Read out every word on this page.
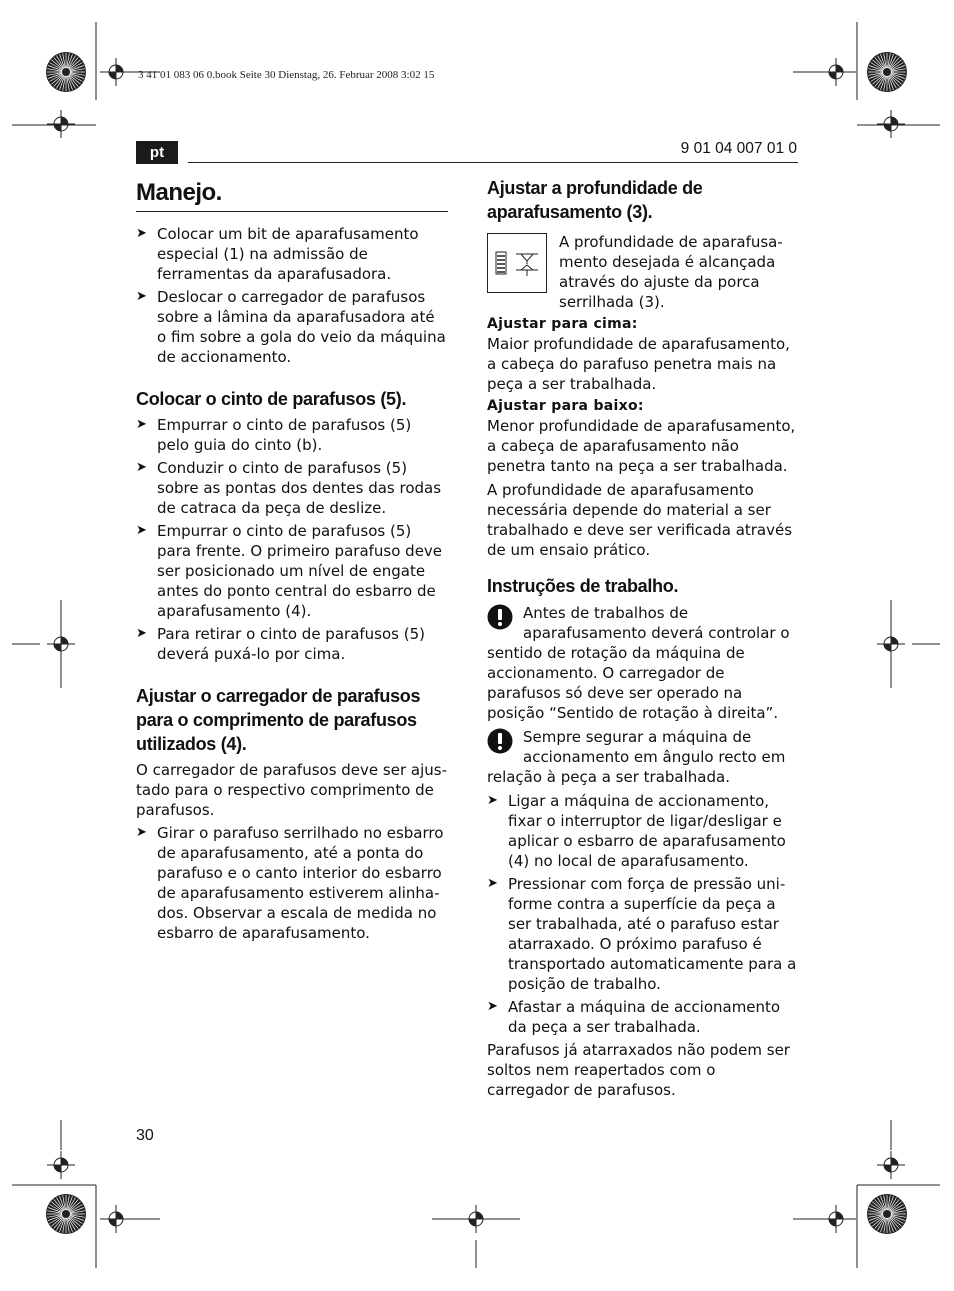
3 41 01 083 06 0.book Seite 30 Dienstag, 26. Februar 2008 3:02 15
pt	9 01 04 007 01 0
Manejo.
➤ Colocar um bit de aparafusamento especial (1) na admissão de ferramentas da aparafusadora.
➤ Deslocar o carregador de parafusos sobre a lâmina da aparafusadora até o fim sobre a gola do veio da máquina de accionamento.
Colocar o cinto de parafusos (5).
➤ Empurrar o cinto de parafusos (5) pelo guia do cinto (b).
➤ Conduzir o cinto de parafusos (5) sobre as pontas dos dentes das rodas de catraca da peça de deslize.
➤ Empurrar o cinto de parafusos (5) para frente. O primeiro parafuso deve ser posicionado um nível de engate antes do ponto central do esbarro de aparafusamento (4).
➤ Para retirar o cinto de parafusos (5) deverá puxá-lo por cima.
Ajustar o carregador de parafusos para o comprimento de parafusos utilizados (4).

O carregador de parafusos deve ser ajustado para o respectivo comprimento de parafusos.

➤ Girar o parafuso serrilhado no esbarro de aparafusamento, até a ponta do parafuso e o canto interior do esbarro de aparafusamento estiverem alinhados. Observar a escala de medida no esbarro de aparafusamento.
Ajustar a profundidade de aparafusamento (3).

A profundidade de aparafusamento desejada é alcançada através do ajuste da porca serrilhada (3).

Ajustar para cima:

Maior profundidade de aparafusamento, a cabeça do parafuso penetra mais na peça a ser trabalhada.

Ajustar para baixo:

Menor profundidade de aparafusamento, a cabeça de aparafusamento não penetra tanto na peça a ser trabalhada.

A profundidade de aparafusamento necessária depende do material a ser trabalhado e deve ser verificada através de um ensaio prático.

Instruções de trabalho.

Antes de trabalhos de aparafusamento deverá controlar o sentido de rotação da máquina de accionamento. O carregador de parafusos só deve ser operado na posição “Sentido de rotação à direita”.

Sempre segurar a máquina de accionamento em ângulo recto em relação à peça a ser trabalhada.

➤ Ligar a máquina de accionamento, fixar o interruptor de ligar/desligar e aplicar o esbarro de aparafusamento (4) no local de aparafusamento.
➤ Pressionar com força de pressão uniforme contra a superfície da peça a ser trabalhada, até o parafuso estar atarraxado. O próximo parafuso é transportado automaticamente para a posição de trabalho.
➤ Afastar a máquina de accionamento da peça a ser trabalhada.

Parafusos já atarraxados não podem ser soltos nem reapertados com o carregador de parafusos.

30
